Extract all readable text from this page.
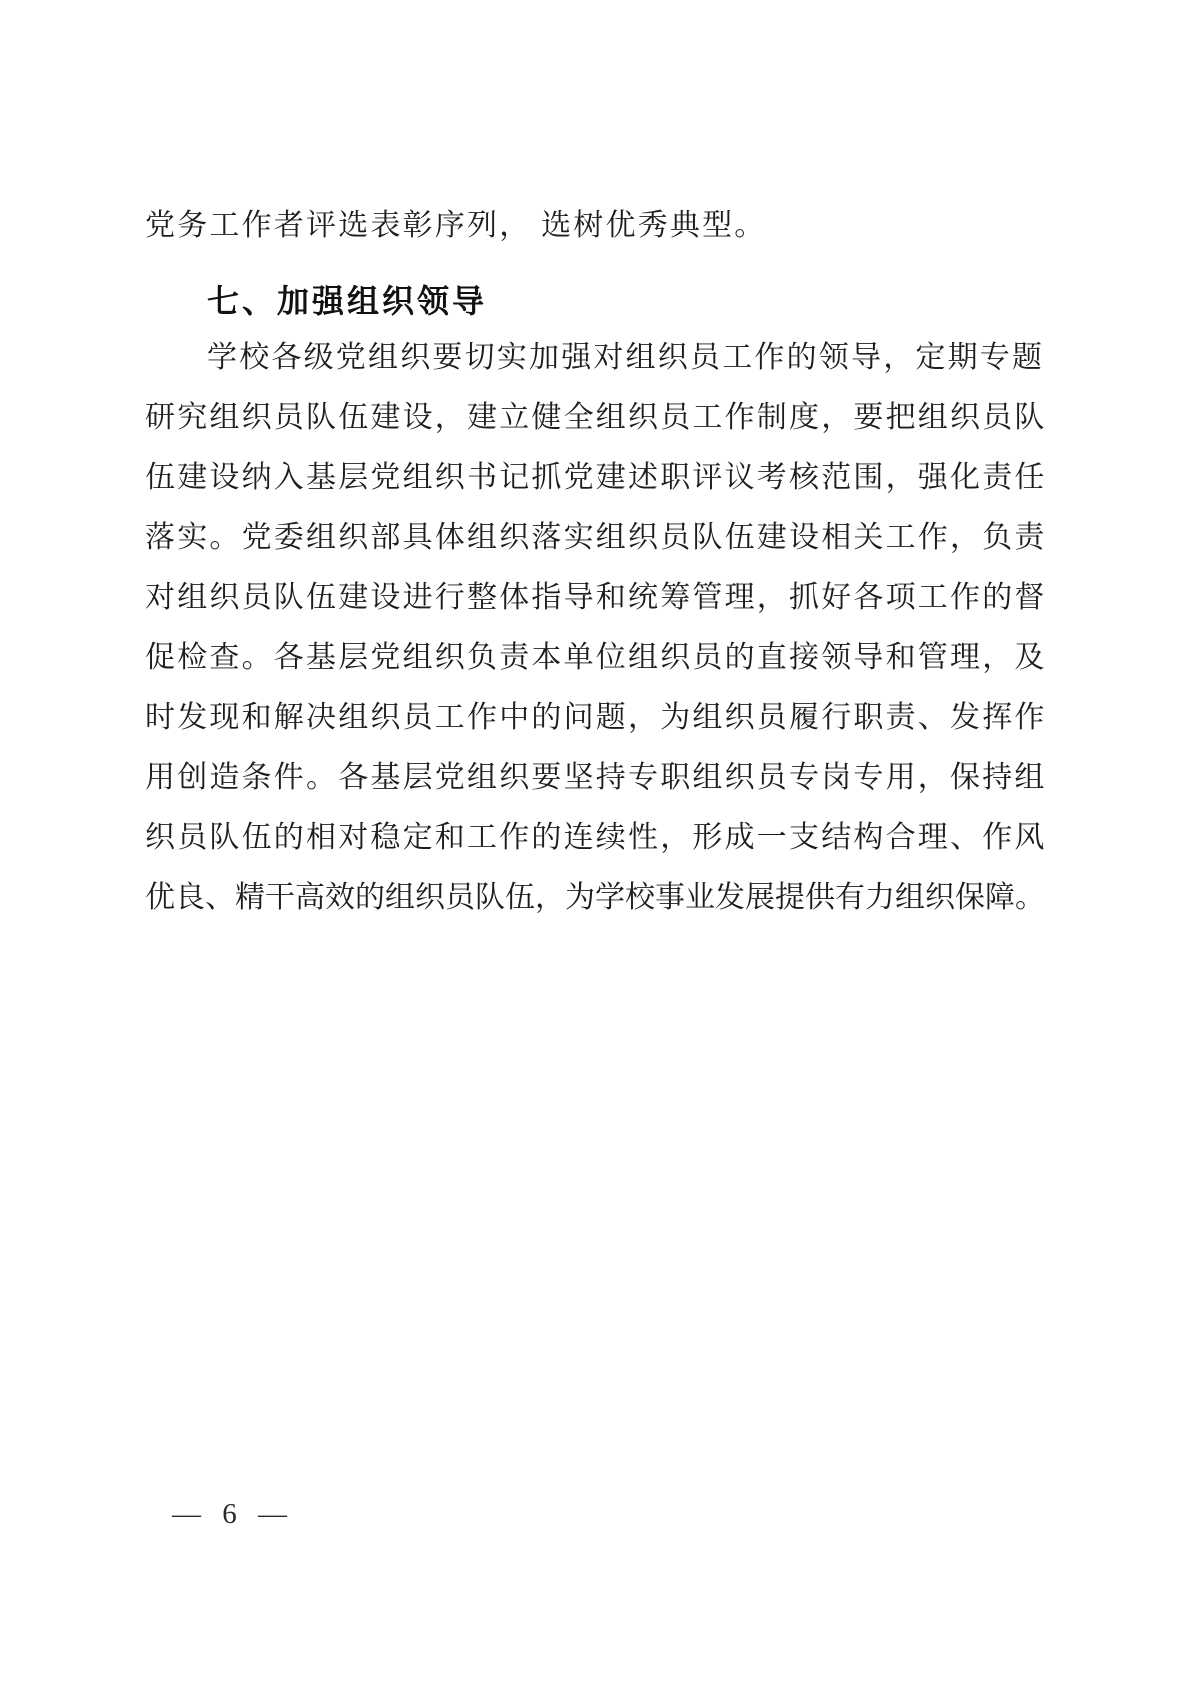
党务工作者评选表彰序列， 选树优秀典型。
七、加强组织领导
学校各级党组织要切实加强对组织员工作的领导，定期专题
研究组织员队伍建设，建立健全组织员工作制度，要把组织员队
伍建设纳入基层党组织书记抓党建述职评议考核范围，强化责任
落实。党委组织部具体组织落实组织员队伍建设相关工作，负责
对组织员队伍建设进行整体指导和统筹管理，抓好各项工作的督
促检查。各基层党组织负责本单位组织员的直接领导和管理，及
时发现和解决组织员工作中的问题，为组织员履行职责、发挥作
用创造条件。各基层党组织要坚持专职组织员专岗专用，保持组
织员队伍的相对稳定和工作的连续性，形成一支结构合理、作风
优良、精干高效的组织员队伍，为学校事业发展提供有力组织保障。
— 6 —
